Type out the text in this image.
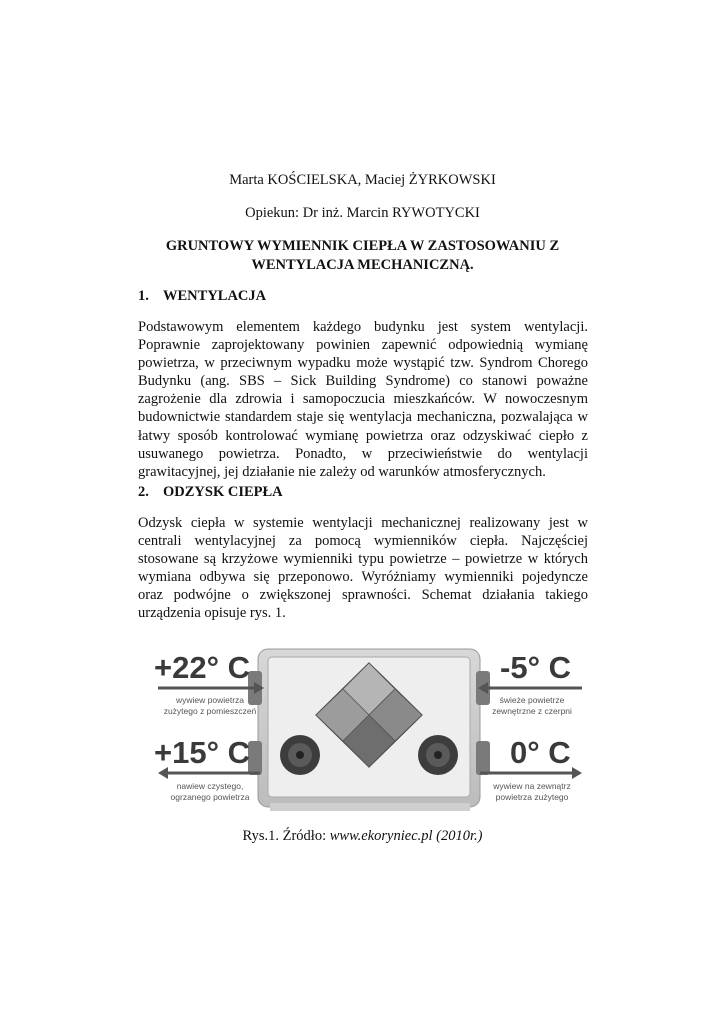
Marta KOŚCIELSKA, Maciej ŻYRKOWSKI
Opiekun: Dr inż. Marcin RYWOTYCKI
GRUNTOWY WYMIENNIK CIEPŁA W ZASTOSOWANIU Z
WENTYLACJA MECHANICZNĄ.
1. WENTYLACJA
Podstawowym elementem każdego budynku jest system wentylacji. Poprawnie zaprojektowany powinien zapewnić odpowiednią wymianę powietrza, w przeciwnym wypadku może wystąpić tzw. Syndrom Chorego Budynku (ang. SBS – Sick Building Syndrome) co stanowi poważne zagrożenie dla zdrowia i samopoczucia mieszkańców. W nowoczesnym budownictwie standardem staje się wentylacja mechaniczna, pozwalająca w łatwy sposób kontrolować wymianę powietrza oraz odzyskiwać ciepło z usuwanego powietrza. Ponadto, w przeciwieństwie do wentylacji grawitacyjnej, jej działanie nie zależy od warunków atmosferycznych.
2. ODZYSK CIEPŁA
Odzysk ciepła w systemie wentylacji mechanicznej realizowany jest w centrali wentylacyjnej za pomocą wymienników ciepła. Najczęściej stosowane są krzyżowe wymienniki typu powietrze – powietrze w których wymiana odbywa się przeponowo. Wyróżniamy wymienniki pojedyncze oraz podwójne o zwiększonej sprawności. Schemat działania takiego urządzenia opisuje rys. 1.
+22° C
wywiew powietrza
zużytego z pomieszczeń
-5° C
świeże powietrze
zewnętrzne z czerpni
+15° C
nawiew czystego,
ogrzanego powietrza
0° C
wywiew na zewnątrz
powietrza zużytego
Rys.1. Źródło: www.ekoryniec.pl (2010r.)
